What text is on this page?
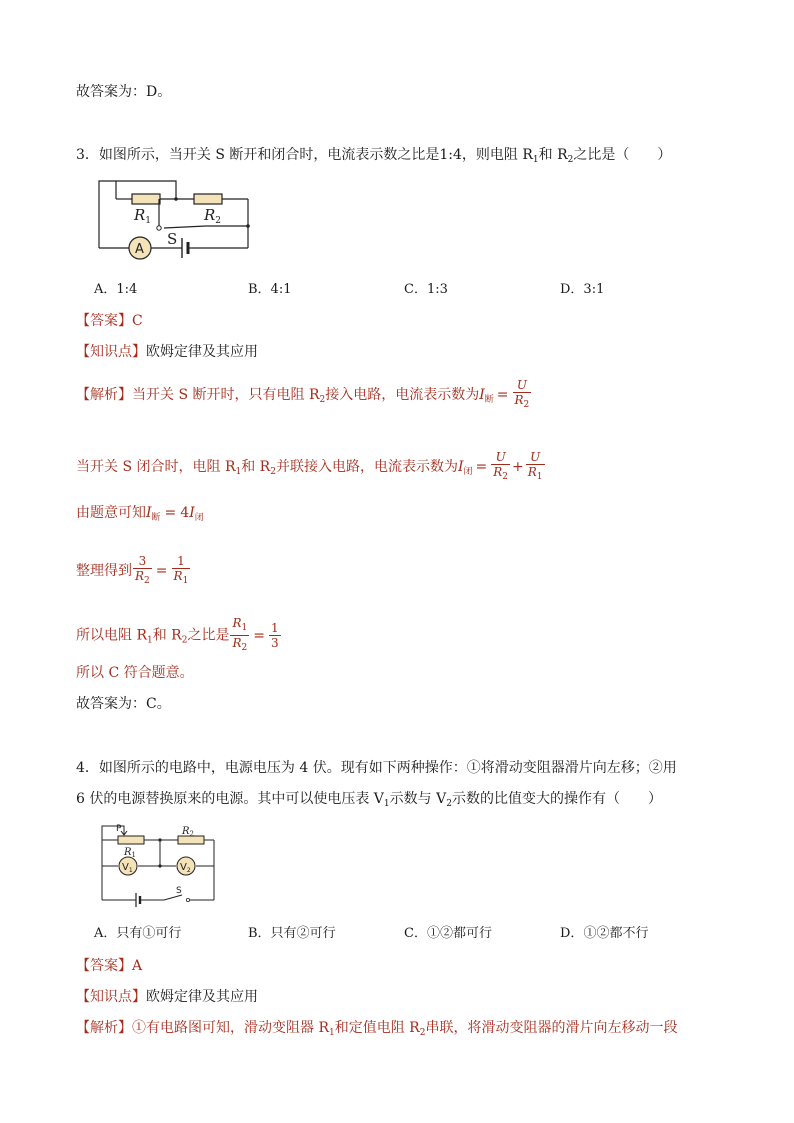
故答案为：D。
3．如图所示，当开关 S 断开和闭合时，电流表示数之比是1:4，则电阻 $R_1$和 $R_2$之比是（　　）
$R_1$	$R_2$
S
A
A．1:4	B．4:1	C．1:3	D．3:1
【答案】C
【知识点】欧姆定律及其应用
【解析】当开关 S 断开时，只有电阻 $R_2$接入电路，电流表示数为$I_断 = \frac{U}{R_2}$
当开关 S 闭合时，电阻 $R_1$和 $R_2$并联接入电路，电流表示数为$I_闭 = \frac{U}{R_2} + \frac{U}{R_1}$
由题意可知$I_断 = 4I_闭$
整理得到 $\frac{3}{R_2} = \frac{1}{R_1}$
所以电阻 $R_1$和 $R_2$之比是 $\frac{R_1}{R_2} = \frac{1}{3}$
所以 C 符合题意。
故答案为：C。
4．如图所示的电路中，电源电压为 4 伏。现有如下两种操作：①将滑动变阻器滑片向左移；②用
6 伏的电源替换原来的电源。其中可以使电压表 $V_1$示数与 $V_2$示数的比值变大的操作有（　　）
P
$R_1$
$R_2$
$V_1$	$V_2$
S
A．只有①可行	B．只有②可行	C．①②都可行	D．①②都不行
【答案】A
【知识点】欧姆定律及其应用
【解析】①有电路图可知，滑动变阻器 $R_1$和定值电阻 $R_2$串联，将滑动变阻器的滑片向左移动一段
